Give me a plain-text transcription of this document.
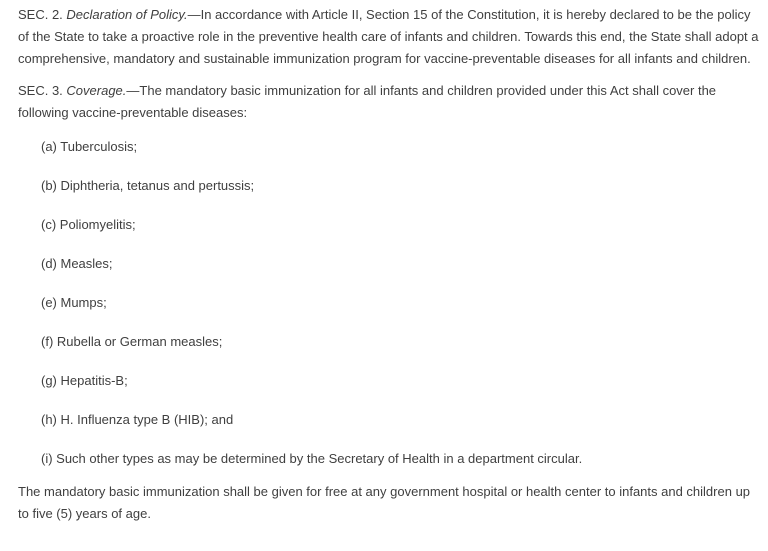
SEC. 2. Declaration of Policy.—In accordance with Article II, Section 15 of the Constitution, it is hereby declared to be the policy of the State to take a proactive role in the preventive health care of infants and children. Towards this end, the State shall adopt a comprehensive, mandatory and sustainable immunization program for vaccine-preventable diseases for all infants and children.

SEC. 3. Coverage.—The mandatory basic immunization for all infants and children provided under this Act shall cover the following vaccine-preventable diseases:

(a) Tuberculosis;
(b) Diphtheria, tetanus and pertussis;
(c) Poliomyelitis;
(d) Measles;
(e) Mumps;
(f) Rubella or German measles;
(g) Hepatitis-B;
(h) H. Influenza type B (HIB); and
(i) Such other types as may be determined by the Secretary of Health in a department circular.

The mandatory basic immunization shall be given for free at any government hospital or health center to infants and children up to five (5) years of age.
